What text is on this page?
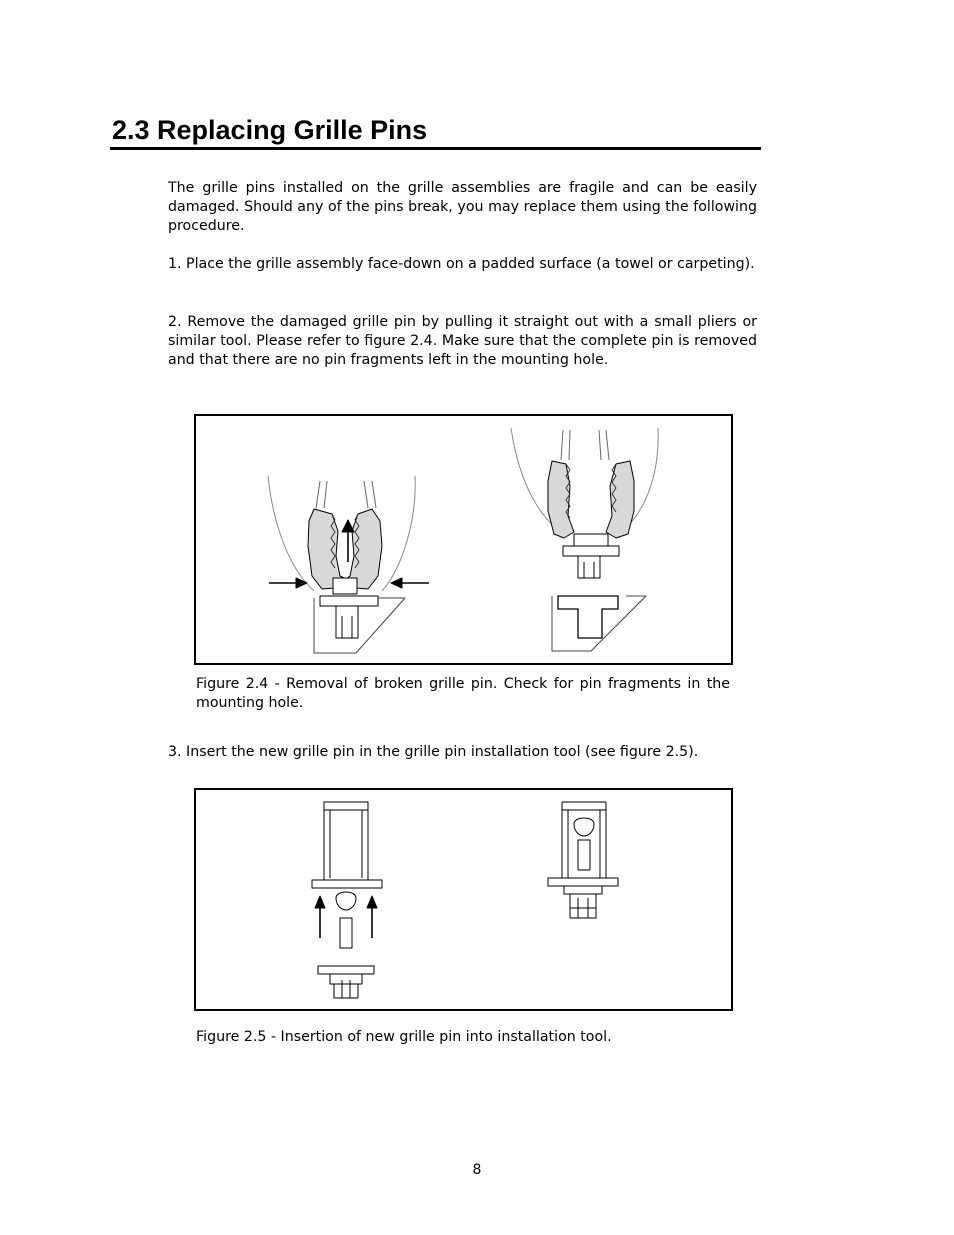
2.3 Replacing Grille Pins

The grille pins installed on the grille assemblies are fragile and can be easily damaged. Should any of the pins break, you may replace them using the following procedure.

1. Place the grille assembly face-down on a padded surface (a towel or carpeting).

2. Remove the damaged grille pin by pulling it straight out with a small pliers or similar tool. Please refer to figure 2.4. Make sure that the complete pin is removed and that there are no pin fragments left in the mounting hole.

Figure 2.4 - Removal of broken grille pin. Check for pin fragments in the mounting hole.

3. Insert the new grille pin in the grille pin installation tool (see figure 2.5).

Figure 2.5 - Insertion of new grille pin into installation tool.

8
